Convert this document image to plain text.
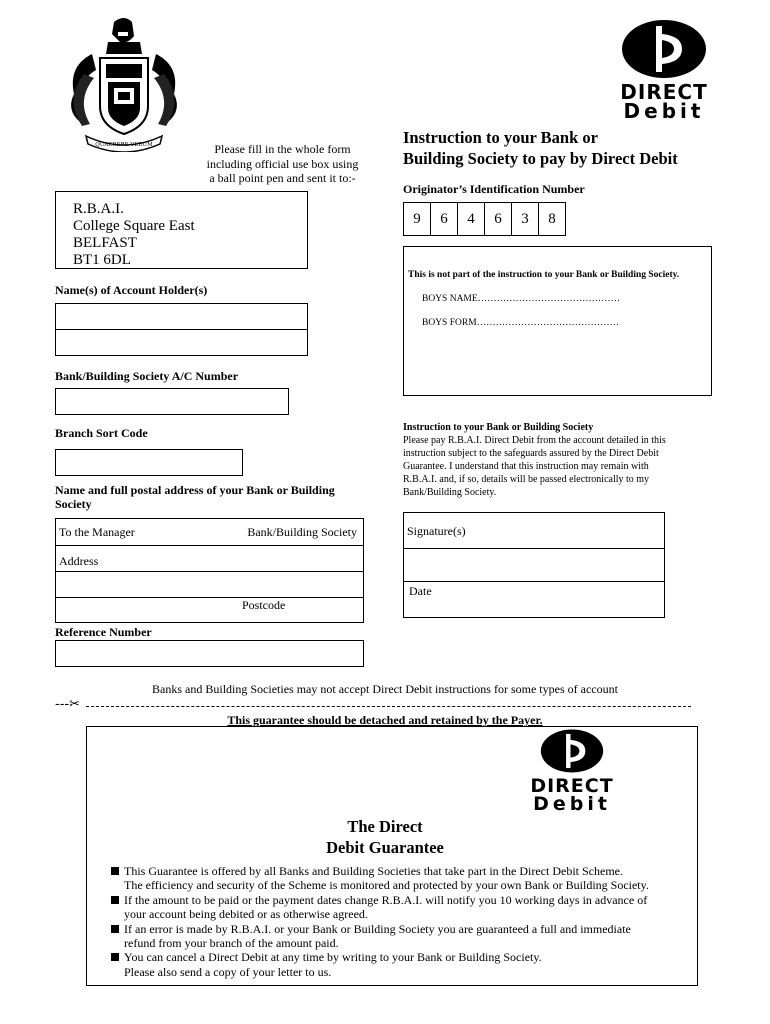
QUAERERE VERUM
DIRECT
Debit
Please fill in the whole form
including official use box using
a ball point pen and sent it to:-
R.B.A.I.
College Square East
BELFAST
BT1 6DL
Instruction to your Bank or
Building Society to pay by Direct Debit
Originator’s Identification Number
9	6	4	6	3	8
This is not part of the instruction to your Bank or Building Society.
BOYS NAME………………………………………
BOYS FORM………………………………………
Name(s) of Account Holder(s)
Bank/Building Society A/C Number
Branch Sort Code
Name and full postal address of your Bank or Building Society
To the Manager	Bank/Building Society
Address
Postcode
Reference Number
Instruction to your Bank or Building Society
Please pay R.B.A.I. Direct Debit from the account detailed in this
instruction subject to the safeguards assured by the Direct Debit
Guarantee. I understand that this instruction may remain with
R.B.A.I. and, if so, details will be passed electronically to my
Bank/Building Society.
Signature(s)
Date
Banks and Building Societies may not accept Direct Debit instructions for some types of account
---✂
This guarantee should be detached and retained by the Payer.
DIRECT
Debit
The Direct
Debit Guarantee
This Guarantee is offered by all Banks and Building Societies that take part in the Direct Debit Scheme.
The efficiency and security of the Scheme is monitored and protected by your own Bank or Building Society.
If the amount to be paid or the payment dates change R.B.A.I. will notify you 10 working days in advance of
your account being debited or as otherwise agreed.
If an error is made by R.B.A.I. or your Bank or Building Society you are guaranteed a full and immediate
refund from your branch of the amount paid.
You can cancel a Direct Debit at any time by writing to your Bank or Building Society.
Please also send a copy of your letter to us.
